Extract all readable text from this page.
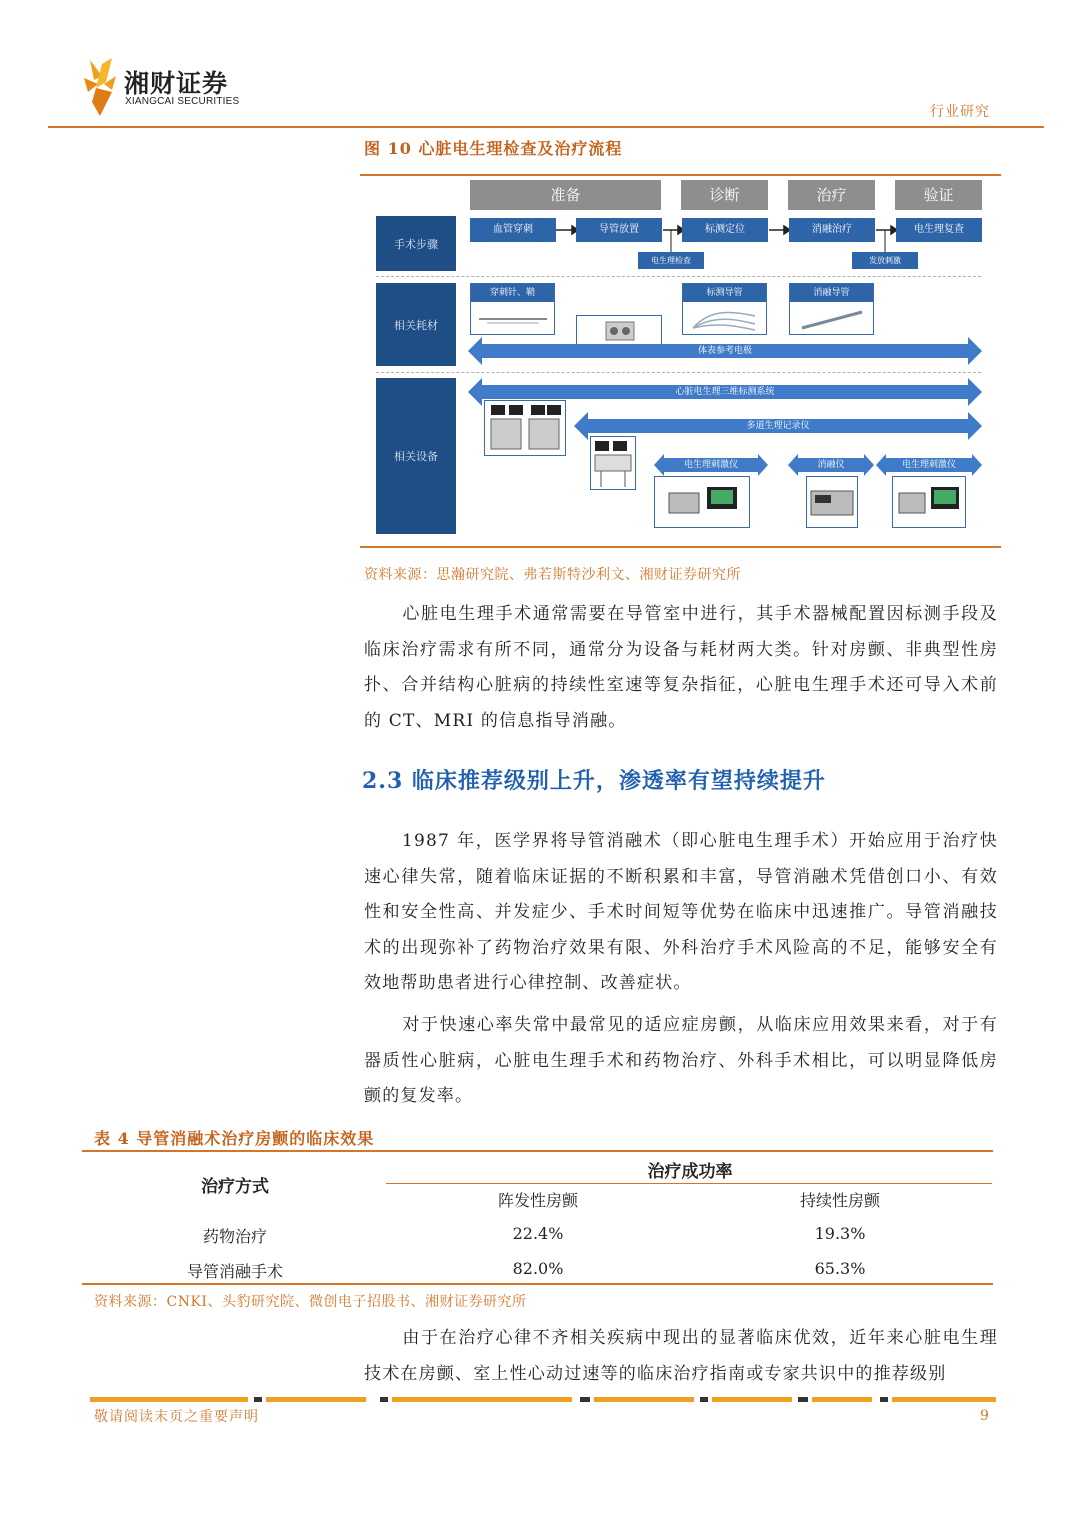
湘财证券
XIANGCAI SECURITIES
行业研究
图 10 心脏电生理检查及治疗流程
准备	诊断	治疗	验证
手术步骤
相关耗材
相关设备
血管穿刺	导管放置	标测定位	消融治疗	电生理复查
电生理检查	发放刺激
穿刺针、鞘	标测导管	消融导管
体表参考电极
心脏电生理三维标测系统
多道生理记录仪
电生理刺激仪	消融仪	电生理刺激仪
资料来源：思瀚研究院、弗若斯特沙利文、湘财证券研究所
心脏电生理手术通常需要在导管室中进行，其手术器械配置因标测手段及临床治疗需求有所不同，通常分为设备与耗材两大类。针对房颤、非典型性房扑、合并结构心脏病的持续性室速等复杂指征，心脏电生理手术还可导入术前的 CT、MRI 的信息指导消融。
2.3 临床推荐级别上升，渗透率有望持续提升
1987 年，医学界将导管消融术（即心脏电生理手术）开始应用于治疗快速心律失常，随着临床证据的不断积累和丰富，导管消融术凭借创口小、有效性和安全性高、并发症少、手术时间短等优势在临床中迅速推广。导管消融技术的出现弥补了药物治疗效果有限、外科治疗手术风险高的不足，能够安全有效地帮助患者进行心律控制、改善症状。
对于快速心率失常中最常见的适应症房颤，从临床应用效果来看，对于有器质性心脏病，心脏电生理手术和药物治疗、外科手术相比，可以明显降低房颤的复发率。
表 4 导管消融术治疗房颤的临床效果
治疗方式
治疗成功率
阵发性房颤	持续性房颤
药物治疗	22.4%	19.3%
导管消融手术	82.0%	65.3%
资料来源：CNKI、头豹研究院、微创电子招股书、湘财证券研究所
由于在治疗心律不齐相关疾病中现出的显著临床优效，近年来心脏电生理技术在房颤、室上性心动过速等的临床治疗指南或专家共识中的推荐级别
敬请阅读末页之重要声明	9
